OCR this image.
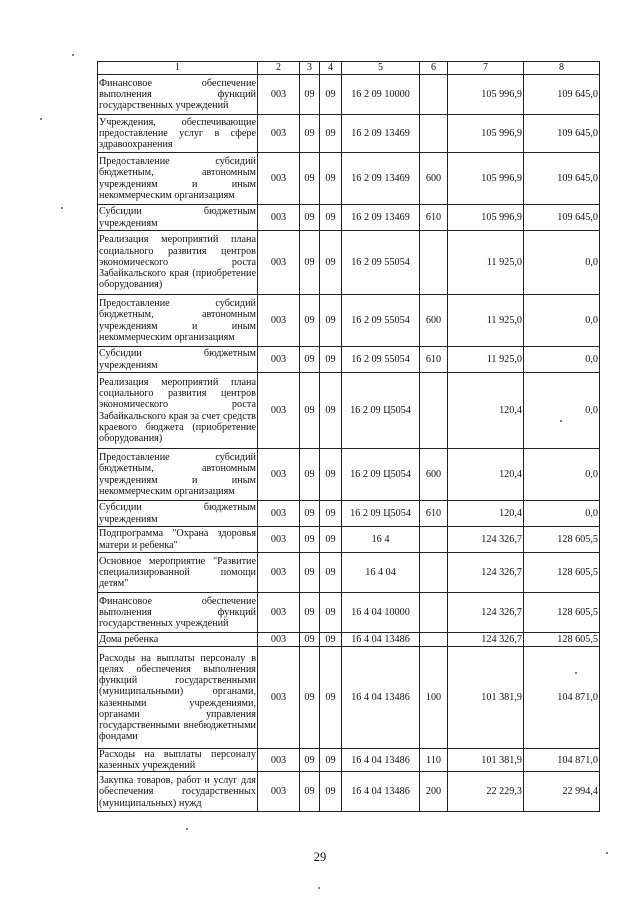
1	2	3	4	5	6	7	8
Финансовое обеспечение выполнения функций государственных учреждений	003	09	09	16 2 09 10000		105 996,9	109 645,0
Учреждения, обеспечивающие предоставление услуг в сфере здравоохранения	003	09	09	16 2 09 13469		105 996,9	109 645,0
Предоставление субсидий бюджетным, автономным учреждениям и иным некоммерческим организациям	003	09	09	16 2 09 13469	600	105 996,9	109 645,0
Субсидии бюджетным учреждениям	003	09	09	16 2 09 13469	610	105 996,9	109 645,0
Реализация мероприятий плана социального развития центров экономического роста Забайкальского края (приобретение оборудования)	003	09	09	16 2 09 55054		11 925,0	0,0
Предоставление субсидий бюджетным, автономным учреждениям и иным некоммерческим организациям	003	09	09	16 2 09 55054	600	11 925,0	0,0
Субсидии бюджетным учреждениям	003	09	09	16 2 09 55054	610	11 925,0	0,0
Реализация мероприятий плана социального развития центров экономического роста Забайкальского края за счет средств краевого бюджета (приобретение оборудования)	003	09	09	16 2 09 Ц5054		120,4	0,0
Предоставление субсидий бюджетным, автономным учреждениям и иным некоммерческим организациям	003	09	09	16 2 09 Ц5054	600	120,4	0,0
Субсидии бюджетным учреждениям	003	09	09	16 2 09 Ц5054	610	120,4	0,0
Подпрограмма "Охрана здоровья матери и ребенка"	003	09	09	16 4		124 326,7	128 605,5
Основное мероприятие "Развитие специализированной помощи детям"	003	09	09	16 4 04		124 326,7	128 605,5
Финансовое обеспечение выполнения функций государственных учреждений	003	09	09	16 4 04 10000		124 326,7	128 605,5
Дома ребенка	003	09	09	16 4 04 13486		124 326,7	128 605,5
Расходы на выплаты персоналу в целях обеспечения выполнения функций государственными (муниципальными) органами, казенными учреждениями, органами управления государственными внебюджетными фондами	003	09	09	16 4 04 13486	100	101 381,9	104 871,0
Расходы на выплаты персоналу казенных учреждений	003	09	09	16 4 04 13486	110	101 381,9	104 871,0
Закупка товаров, работ и услуг для обеспечения государственных (муниципальных) нужд	003	09	09	16 4 04 13486	200	22 229,3	22 994,4
29
